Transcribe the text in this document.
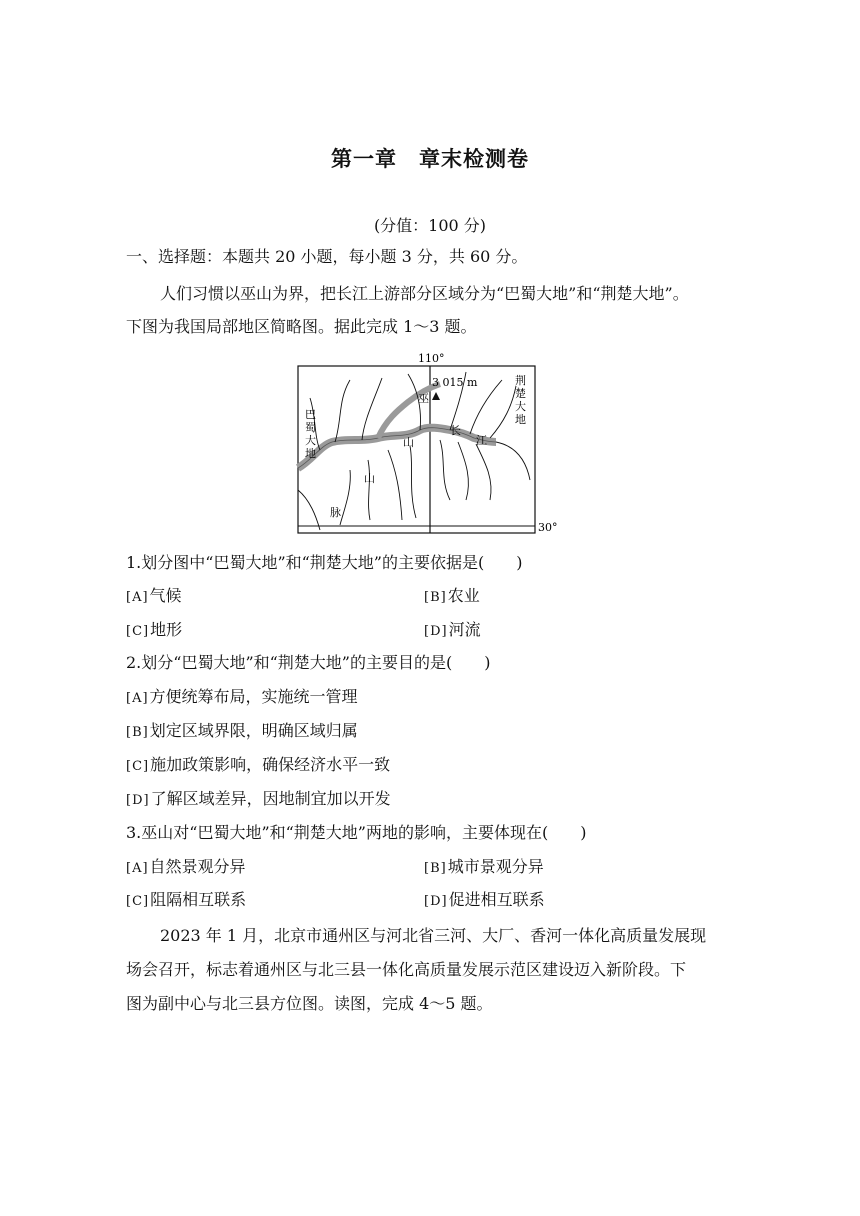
第一章　章末检测卷
(分值：100 分)
一、选择题：本题共 20 小题，每小题 3 分，共 60 分。
人们习惯以巫山为界，把长江上游部分区域分为“巴蜀大地”和“荆楚大地”。
下图为我国局部地区简略图。据此完成 1～3 题。
110°
30°
3 015 m
巫
山
山
脉
长
江
巴
蜀
大
地
荆
楚
大
地
1.划分图中“巴蜀大地”和“荆楚大地”的主要依据是(　　)
[A]气候	[B]农业
[C]地形	[D]河流
2.划分“巴蜀大地”和“荆楚大地”的主要目的是(　　)
[A]方便统筹布局，实施统一管理
[B]划定区域界限，明确区域归属
[C]施加政策影响，确保经济水平一致
[D]了解区域差异，因地制宜加以开发
3.巫山对“巴蜀大地”和“荆楚大地”两地的影响，主要体现在(　　)
[A]自然景观分异	[B]城市景观分异
[C]阻隔相互联系	[D]促进相互联系
2023 年 1 月，北京市通州区与河北省三河、大厂、香河一体化高质量发展现
场会召开，标志着通州区与北三县一体化高质量发展示范区建设迈入新阶段。下
图为副中心与北三县方位图。读图，完成 4～5 题。
